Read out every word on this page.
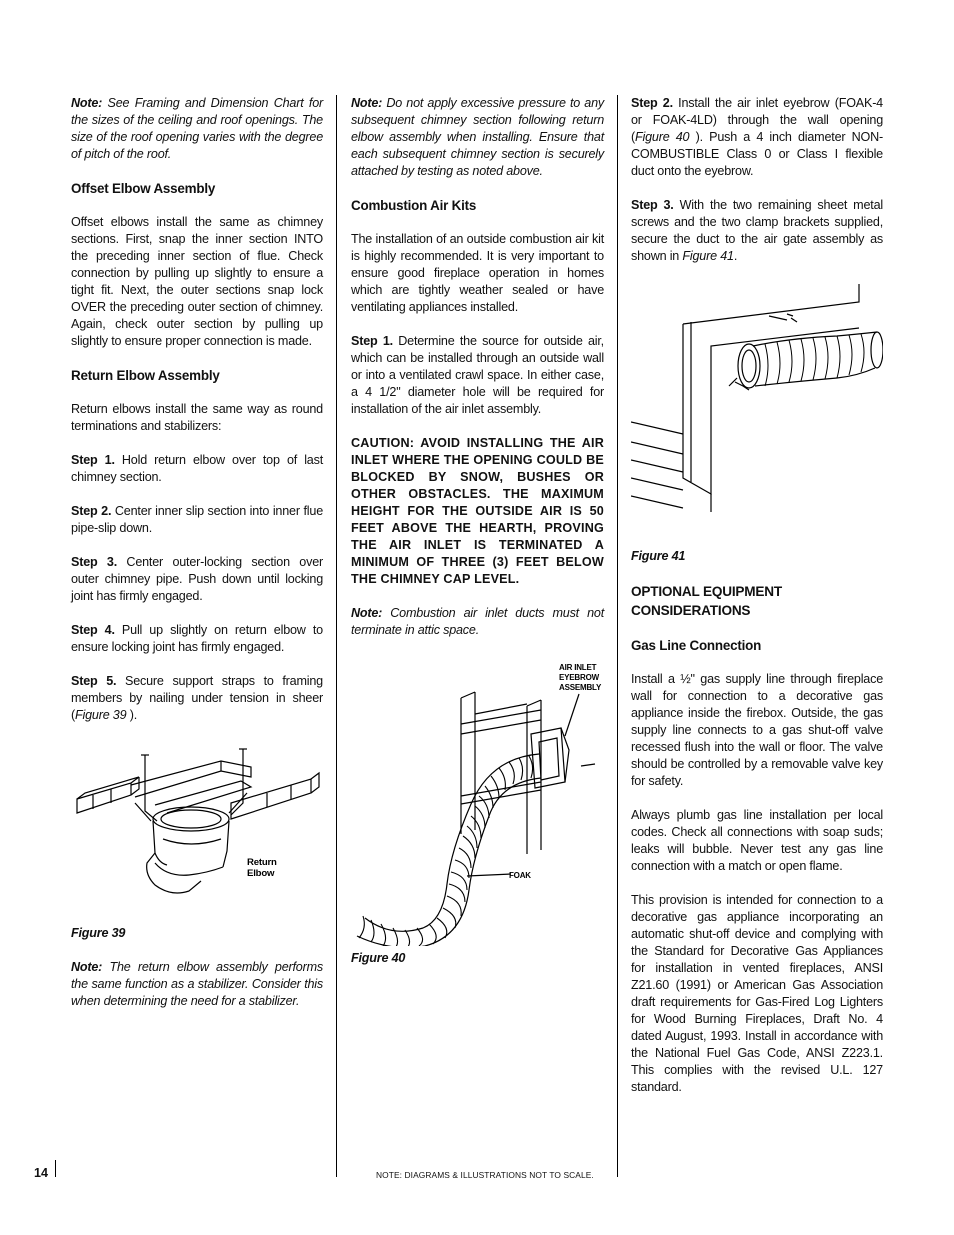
Note: See Framing and Dimension Chart for the sizes of the ceiling and roof openings. The size of the roof opening varies with the degree of pitch of the roof.

Offset Elbow Assembly

Offset elbows install the same as chimney sections. First, snap the inner section INTO the preceding inner section of flue. Check connection by pulling up slightly to ensure a tight fit. Next, the outer sections snap lock OVER the preceding outer section of chimney. Again, check outer section by pulling up slightly to ensure proper connection is made.

Return Elbow Assembly

Return elbows install the same way as round terminations and stabilizers:

Step 1. Hold return elbow over top of last chimney section.

Step 2. Center inner slip section into inner flue pipe-slip down.

Step 3. Center outer-locking section over outer chimney pipe. Push down until locking joint has firmly engaged.

Step 4. Pull up slightly on return elbow to ensure locking joint has firmly engaged.

Step 5. Secure support straps to framing members by nailing under tension in sheer (Figure 39 ).

Return
Elbow

Figure 39

Note: The return elbow assembly performs the same function as a stabilizer. Consider this when determining the need for a stabilizer.

Note: Do not apply excessive pressure to any subsequent chimney section following return elbow assembly when installing. Ensure that each subsequent chimney section is securely attached by testing as noted above.

Combustion Air Kits

The installation of an outside combustion air kit is highly recommended. It is very important to ensure good fireplace operation in homes which are tightly weather sealed or have ventilating appliances installed.

Step 1. Determine the source for outside air, which can be installed through an outside wall or into a ventilated crawl space. In either case, a 4 1/2" diameter hole will be required for installation of the air inlet assembly.

CAUTION: AVOID INSTALLING THE AIR INLET WHERE THE OPENING COULD BE BLOCKED BY SNOW, BUSHES OR OTHER OBSTACLES. THE MAXIMUM HEIGHT FOR THE OUTSIDE AIR IS 50 FEET ABOVE THE HEARTH, PROVING THE AIR INLET IS TERMINATED A MINIMUM OF THREE (3) FEET BELOW THE CHIMNEY CAP LEVEL.

Note: Combustion air inlet ducts must not terminate in attic space.

AIR INLET
EYEBROW
ASSEMBLY
FOAK

Figure 40

Step 2. Install the air inlet eyebrow (FOAK-4 or FOAK-4LD) through the wall opening (Figure 40 ). Push a 4 inch diameter NON-COMBUSTIBLE Class 0 or Class I flexible duct onto the eyebrow.

Step 3. With the two remaining sheet metal screws and the two clamp brackets supplied, secure the duct to the air gate assembly as shown in Figure 41.

Figure 41

OPTIONAL EQUIPMENT CONSIDERATIONS
Gas Line Connection

Install a ½" gas supply line through fireplace wall for connection to a decorative gas appliance inside the firebox. Outside, the gas supply line connects to a gas shut-off valve recessed flush into the wall or floor. The valve should be controlled by a removable valve key for safety.

Always plumb gas line installation per local codes. Check all connections with soap suds; leaks will bubble. Never test any gas line connection with a match or open flame.

This provision is intended for connection to a decorative gas appliance incorporating an automatic shut-off device and complying with the Standard for Decorative Gas Appliances for installation in vented fireplaces, ANSI Z21.60 (1991) or American Gas Association draft requirements for Gas-Fired Log Lighters for Wood Burning Fireplaces, Draft No. 4 dated August, 1993. Install in accordance with the National Fuel Gas Code, ANSI Z223.1. This complies with the revised U.L. 127 standard.

14	NOTE: DIAGRAMS & ILLUSTRATIONS NOT TO SCALE.
